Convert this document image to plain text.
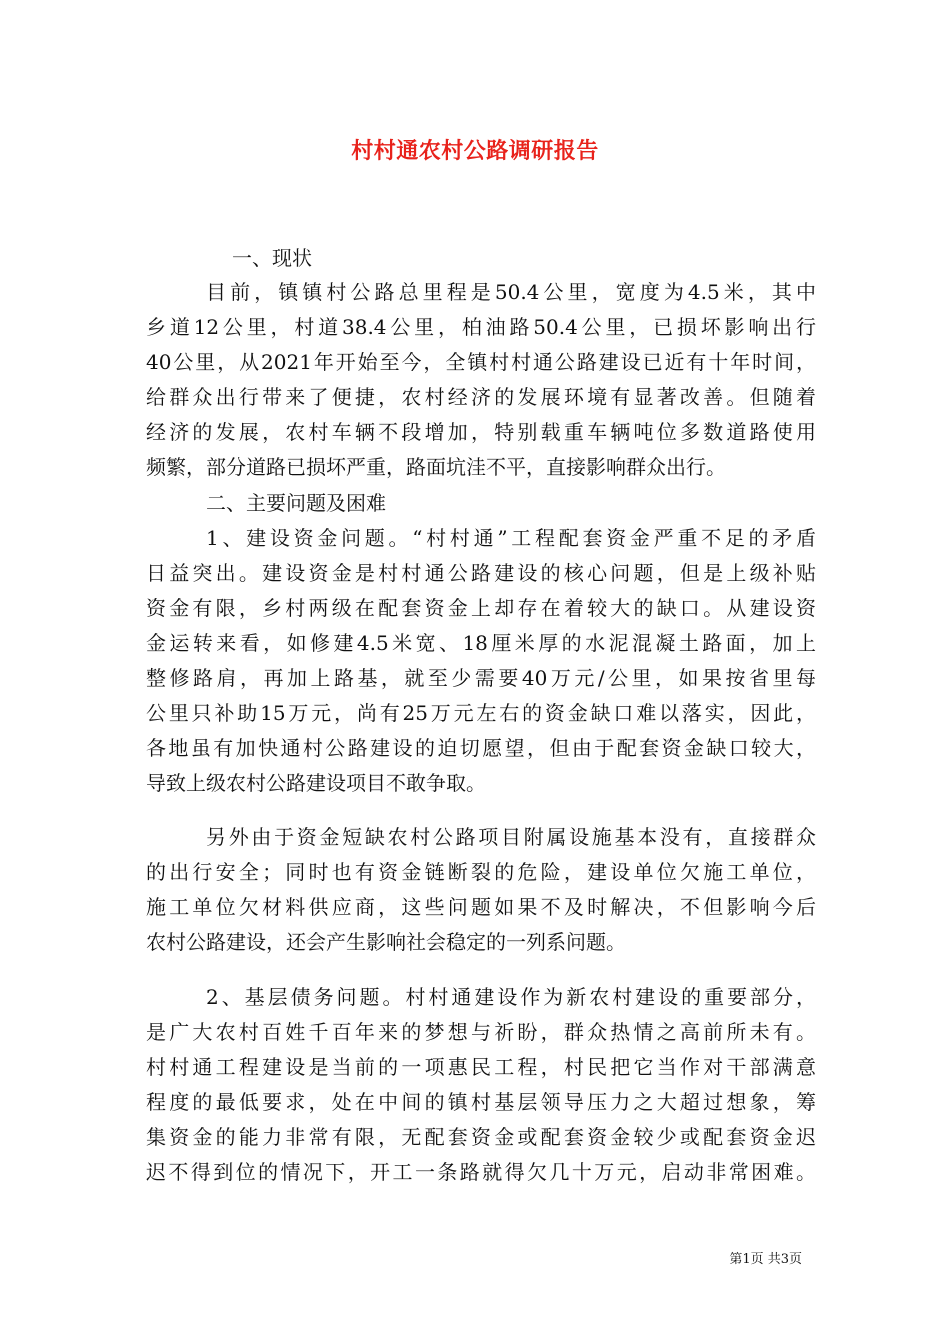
村村通农村公路调研报告
一、现状
目前，镇镇村公路总里程是50.4公里，宽度为4.5米，其中
乡道12公里，村道38.4公里，柏油路50.4公里，已损坏影响出行
40公里，从2021年开始至今，全镇村村通公路建设已近有十年时间，
给群众出行带来了便捷，农村经济的发展环境有显著改善。但随着
经济的发展，农村车辆不段增加，特别载重车辆吨位多数道路使用
频繁，部分道路已损坏严重，路面坑洼不平，直接影响群众出行。
二、主要问题及困难
1、建设资金问题。“村村通”工程配套资金严重不足的矛盾
日益突出。建设资金是村村通公路建设的核心问题，但是上级补贴
资金有限，乡村两级在配套资金上却存在着较大的缺口。从建设资
金运转来看，如修建4.5米宽、18厘米厚的水泥混凝土路面，加上
整修路肩，再加上路基，就至少需要40万元/公里，如果按省里每
公里只补助15万元，尚有25万元左右的资金缺口难以落实，因此，
各地虽有加快通村公路建设的迫切愿望，但由于配套资金缺口较大，
导致上级农村公路建设项目不敢争取。
另外由于资金短缺农村公路项目附属设施基本没有，直接群众
的出行安全；同时也有资金链断裂的危险，建设单位欠施工单位，
施工单位欠材料供应商，这些问题如果不及时解决，不但影响今后
农村公路建设，还会产生影响社会稳定的一列系问题。
2、基层债务问题。村村通建设作为新农村建设的重要部分，
是广大农村百姓千百年来的梦想与祈盼，群众热情之高前所未有。
村村通工程建设是当前的一项惠民工程，村民把它当作对干部满意
程度的最低要求，处在中间的镇村基层领导压力之大超过想象，筹
集资金的能力非常有限，无配套资金或配套资金较少或配套资金迟
迟不得到位的情况下，开工一条路就得欠几十万元，启动非常困难。
第1页 共3页
